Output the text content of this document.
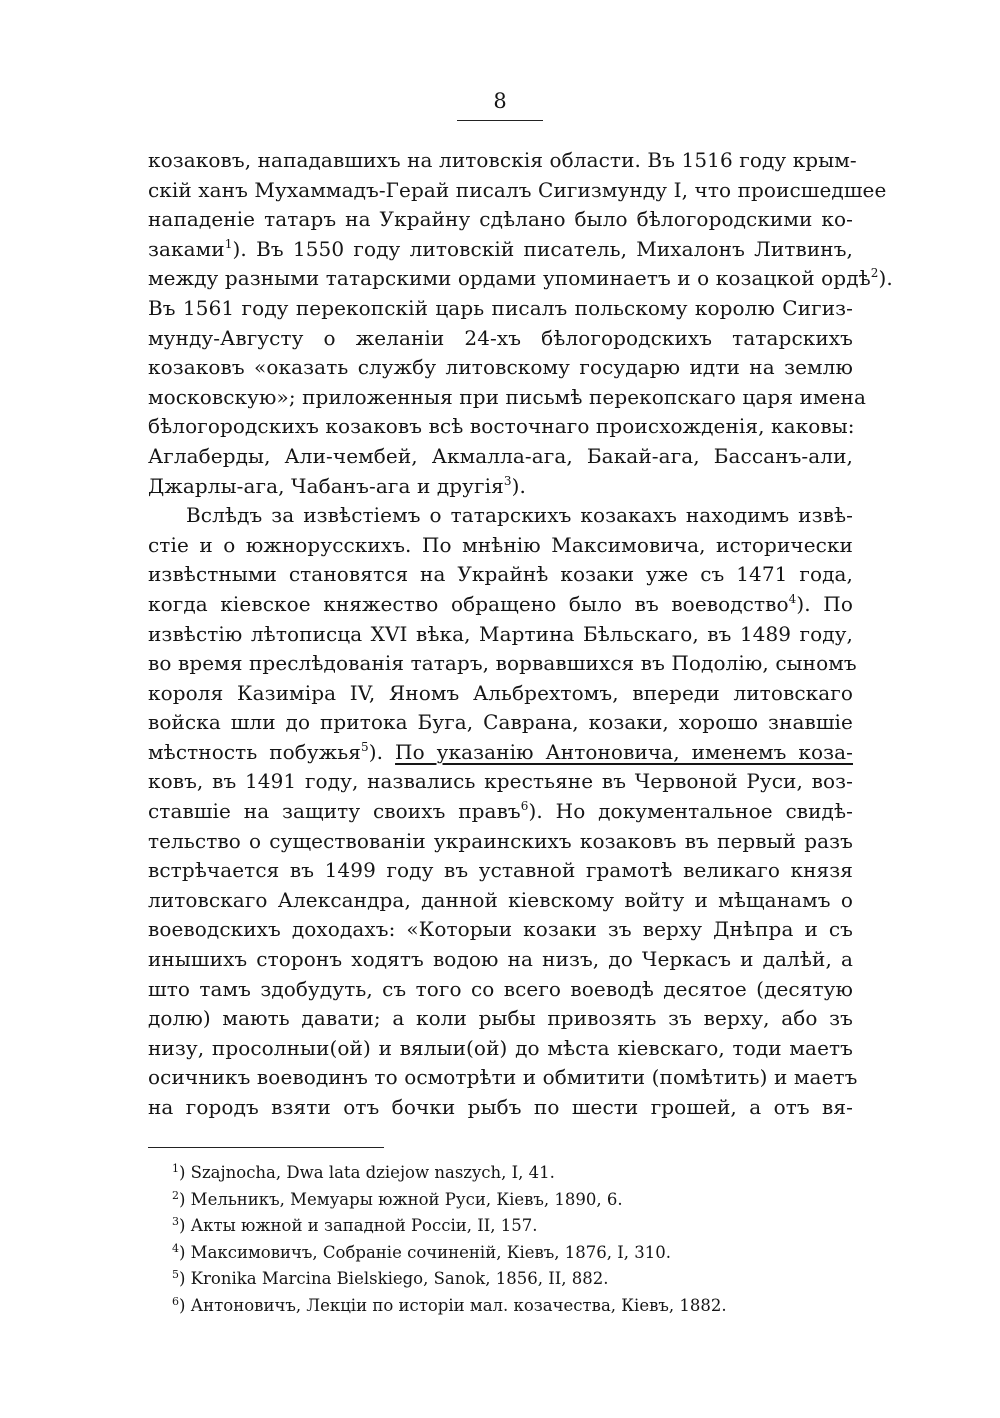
8
козаковъ, нападавшихъ на литовскія области. Въ 1516 году крым-
скій ханъ Мухаммадъ-Герай писалъ Сигизмунду I, что происшедшее
нападеніе татаръ на Украйну сдѣлано было бѣлогородскими ко-
заками$^1$). Въ 1550 году литовскій писатель, Михалонъ Литвинъ,
между разными татарскими ордами упоминаетъ и о козацкой ордѣ$^2$).
Въ 1561 году перекопскій царь писалъ польскому королю Сигиз-
мунду-Августу о желаніи 24-хъ бѣлогородскихъ татарскихъ
козаковъ «оказать службу литовскому государю идти на землю
московскую»; приложенныя при письмѣ перекопскаго царя имена
бѣлогородскихъ козаковъ всѣ восточнаго происхожденія, каковы:
Аглаберды, Али-чембей, Акмалла-ага, Бакай-ага, Бассанъ-али,
Джарлы-ага, Чабанъ-ага и другія$^3$).
Вслѣдъ за извѣстіемъ о татарскихъ козакахъ находимъ извѣ-
стіе и о южнорусскихъ. По мнѣнію Максимовича, исторически
извѣстными становятся на Украйнѣ козаки уже съ 1471 года,
когда кіевское княжество обращено было въ воеводство$^4$). По
извѣстію лѣтописца XVI вѣка, Мартина Бѣльскаго, въ 1489 году,
во время преслѣдованія татаръ, ворвавшихся въ Подолію, сыномъ
короля Казиміра IV, Яномъ Альбрехтомъ, впереди литовскаго
войска шли до притока Буга, Саврана, козаки, хорошо знавшіе
мѣстность побужья$^5$). По указанію Антоновича, именемъ коза-
ковъ, въ 1491 году, назвались крестьяне въ Червоной Руси, воз-
ставшіе на защиту своихъ правъ$^6$). Но документальное свидѣ-
тельство о существованіи украинскихъ козаковъ въ первый разъ
встрѣчается въ 1499 году въ уставной грамотѣ великаго князя
литовскаго Александра, данной кіевскому войту и мѣщанамъ о
воеводскихъ доходахъ: «Которыи козаки зъ верху Днѣпра и съ
инышихъ сторонъ ходятъ водою на низъ, до Черкасъ и далѣй, а
што тамъ здобудуть, съ того со всего воеводѣ десятое (десятую
долю) мають давати; а коли рыбы привозять зъ верху, або зъ
низу, просолныи(ой) и вялыи(ой) до мѣста кіевскаго, тоди маетъ
осичникъ воеводинъ то осмотрѣти и обмитити (помѣтить) и маетъ
на городъ взяти отъ бочки рыбъ по шести грошей, а отъ вя-
$^1$) Szajnocha, Dwa lata dziejow naszych, I, 41.
$^2$) Мельникъ, Мемуары южной Руси, Кіевъ, 1890, 6.
$^3$) Акты южной и западной Россіи, II, 157.
$^4$) Максимовичъ, Собраніе сочиненій, Кіевъ, 1876, I, 310.
$^5$) Kronika Marcina Bielskiego, Sanok, 1856, II, 882.
$^6$) Антоновичъ, Лекціи по исторіи мал. козачества, Кіевъ, 1882.
